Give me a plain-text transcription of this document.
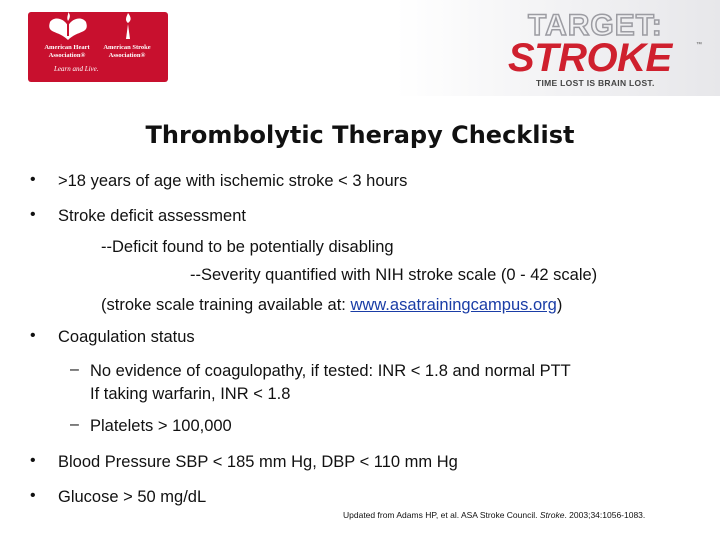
American Heart Association®
American Stroke Association®
Learn and Live.
TARGET:
STROKE	™
TIME LOST IS BRAIN LOST.
Thrombolytic Therapy Checklist
• >18 years of age with ischemic stroke < 3 hours
• Stroke deficit assessment
--Deficit found to be potentially disabling
--Severity quantified with NIH stroke scale (0 - 42 scale)
(stroke scale training available at: www.asatrainingcampus.org)
• Coagulation status
– No evidence of coagulopathy, if tested: INR < 1.8 and normal PTT
If taking warfarin, INR < 1.8
– Platelets > 100,000
• Blood Pressure SBP < 185 mm Hg, DBP < 110 mm Hg
• Glucose > 50 mg/dL
Updated from Adams HP, et al. ASA Stroke Council. Stroke. 2003;34:1056-1083.
